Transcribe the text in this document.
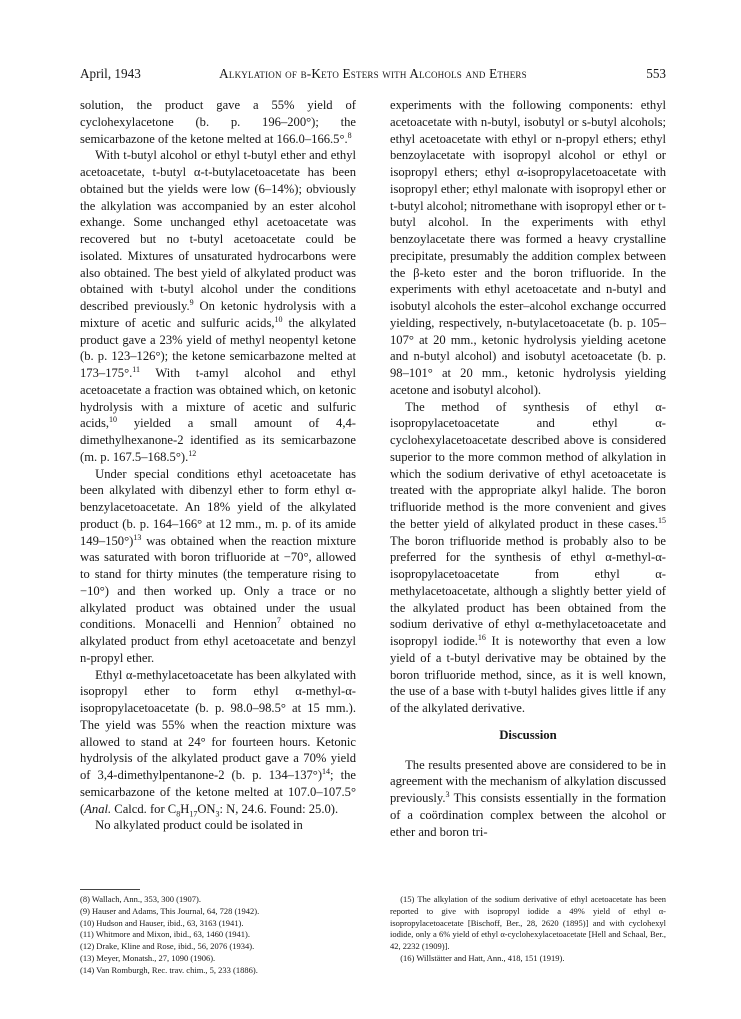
April, 1943	Alkylation of β-Keto Esters with Alcohols and Ethers	553

solution, the product gave a 55% yield of cyclohexylacetone (b. p. 196–200°); the semicarbazone of the ketone melted at 166.0–166.5°.$^8$

With t-butyl alcohol or ethyl t-butyl ether and ethyl acetoacetate, t-butyl α-t-butylacetoacetate has been obtained but the yields were low (6–14%); obviously the alkylation was accompanied by an ester alcohol exhange. Some unchanged ethyl acetoacetate was recovered but no t-butyl acetoacetate could be isolated. Mixtures of unsaturated hydrocarbons were also obtained. The best yield of alkylated product was obtained with t-butyl alcohol under the conditions described previously.$^9$ On ketonic hydrolysis with a mixture of acetic and sulfuric acids,$^{10}$ the alkylated product gave a 23% yield of methyl neopentyl ketone (b. p. 123–126°); the ketone semicarbazone melted at 173–175°.$^{11}$ With t-amyl alcohol and ethyl acetoacetate a fraction was obtained which, on ketonic hydrolysis with a mixture of acetic and sulfuric acids,$^{10}$ yielded a small amount of 4,4-dimethylhexanone-2 identified as its semicarbazone (m. p. 167.5–168.5°).$^{12}$

Under special conditions ethyl acetoacetate has been alkylated with dibenzyl ether to form ethyl α-benzylacetoacetate. An 18% yield of the alkylated product (b. p. 164–166° at 12 mm., m. p. of its amide 149–150°)$^{13}$ was obtained when the reaction mixture was saturated with boron trifluoride at −70°, allowed to stand for thirty minutes (the temperature rising to −10°) and then worked up. Only a trace or no alkylated product was obtained under the usual conditions. Monacelli and Hennion$^7$ obtained no alkylated product from ethyl acetoacetate and benzyl n-propyl ether.

Ethyl α-methylacetoacetate has been alkylated with isopropyl ether to form ethyl α-methyl-α-isopropylacetoacetate (b. p. 98.0–98.5° at 15 mm.). The yield was 55% when the reaction mixture was allowed to stand at 24° for fourteen hours. Ketonic hydrolysis of the alkylated product gave a 70% yield of 3,4-dimethylpentanone-2 (b. p. 134–137°)$^{14}$; the semicarbazone of the ketone melted at 107.0–107.5° (Anal. Calcd. for $C_8H_{17}ON_3$: N, 24.6. Found: 25.0).

No alkylated product could be isolated in

experiments with the following components: ethyl acetoacetate with n-butyl, isobutyl or s-butyl alcohols; ethyl acetoacetate with ethyl or n-propyl ethers; ethyl benzoylacetate with isopropyl alcohol or ethyl or isopropyl ethers; ethyl α-isopropylacetoacetate with isopropyl ether; ethyl malonate with isopropyl ether or t-butyl alcohol; nitromethane with isopropyl ether or t-butyl alcohol. In the experiments with ethyl benzoylacetate there was formed a heavy crystalline precipitate, presumably the addition complex between the β-keto ester and the boron trifluoride. In the experiments with ethyl acetoacetate and n-butyl and isobutyl alcohols the ester–alcohol exchange occurred yielding, respectively, n-butylacetoacetate (b. p. 105–107° at 20 mm., ketonic hydrolysis yielding acetone and n-butyl alcohol) and isobutyl acetoacetate (b. p. 98–101° at 20 mm., ketonic hydrolysis yielding acetone and isobutyl alcohol).

The method of synthesis of ethyl α-isopropylacetoacetate and ethyl α-cyclohexylacetoacetate described above is considered superior to the more common method of alkylation in which the sodium derivative of ethyl acetoacetate is treated with the appropriate alkyl halide. The boron trifluoride method is the more convenient and gives the better yield of alkylated product in these cases.$^{15}$ The boron trifluoride method is probably also to be preferred for the synthesis of ethyl α-methyl-α-isopropylacetoacetate from ethyl α-methylacetoacetate, although a slightly better yield of the alkylated product has been obtained from the sodium derivative of ethyl α-methylacetoacetate and isopropyl iodide.$^{16}$ It is noteworthy that even a low yield of a t-butyl derivative may be obtained by the boron trifluoride method, since, as it is well known, the use of a base with t-butyl halides gives little if any of the alkylated derivative.

Discussion

The results presented above are considered to be in agreement with the mechanism of alkylation discussed previously.$^3$ This consists essentially in the formation of a coördination complex between the alcohol or ether and boron tri-

(8) Wallach, Ann., 353, 300 (1907).
(9) Hauser and Adams, This Journal, 64, 728 (1942).
(10) Hudson and Hauser, ibid., 63, 3163 (1941).
(11) Whitmore and Mixon, ibid., 63, 1460 (1941).
(12) Drake, Kline and Rose, ibid., 56, 2076 (1934).
(13) Meyer, Monatsh., 27, 1090 (1906).
(14) Van Romburgh, Rec. trav. chim., 5, 233 (1886).
(15) The alkylation of the sodium derivative of ethyl acetoacetate has been reported to give with isopropyl iodide a 49% yield of ethyl α-isopropylacetoacetate [Bischoff, Ber., 28, 2620 (1895)] and with cyclohexyl iodide, only a 6% yield of ethyl α-cyclohexylacetoacetate [Hell and Schaal, Ber., 42, 2232 (1909)].
(16) Willstätter and Hatt, Ann., 418, 151 (1919).
